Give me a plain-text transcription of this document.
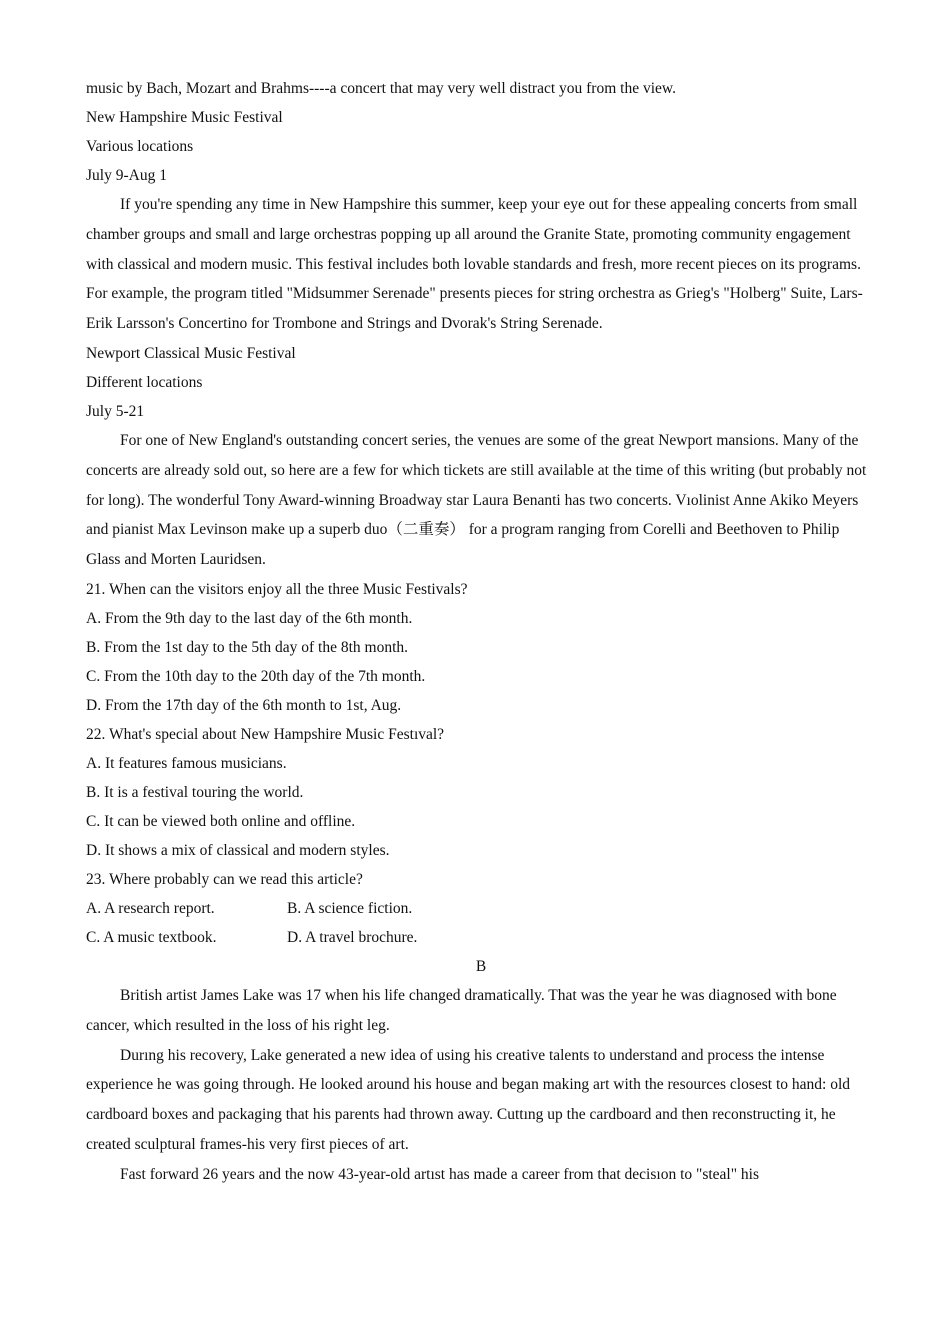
music by Bach, Mozart and Brahms----a concert that may very well distract you from the view.
New Hampshire Music Festival
Various locations
July 9-Aug 1

If you're spending any time in New Hampshire this summer, keep your eye out for these appealing concerts from small chamber groups and small and large orchestras popping up all around the Granite State, promoting community engagement with classical and modern music. This festival includes both lovable standards and fresh, more recent pieces on its programs. For example, the program titled "Midsummer Serenade" presents pieces for string orchestra as Grieg's "Holberg" Suite, Lars-Erik Larsson's Concertino for Trombone and Strings and Dvorak's String Serenade.

Newport Classical Music Festival
Different locations
July 5-21

For one of New England's outstanding concert series, the venues are some of the great Newport mansions. Many of the concerts are already sold out, so here are a few for which tickets are still available at the time of this writing (but probably not for long). The wonderful Tony Award-winning Broadway star Laura Benanti has two concerts. Vıolinist Anne Akiko Meyers and pianist Max Levinson make up a superb duo（二重奏） for a program ranging from Corelli and Beethoven to Philip Glass and Morten Lauridsen.

21. When can the visitors enjoy all the three Music Festivals?
A. From the 9th day to the last day of the 6th month.
B. From the 1st day to the 5th day of the 8th month.
C. From the 10th day to the 20th day of the 7th month.
D. From the 17th day of the 6th month to 1st, Aug.
22. What's special about New Hampshire Music Festıval?
A. It features famous musicians.
B. It is a festival touring the world.
C. It can be viewed both online and offline.
D. It shows a mix of classical and modern styles.
23. Where probably can we read this article?
A. A research report.	B. A science fiction.
C. A music textbook.	D. A travel brochure.
B

British artist James Lake was 17 when his life changed dramatically. That was the year he was diagnosed with bone cancer, which resulted in the loss of his right leg.

Durıng his recovery, Lake generated a new idea of using his creative talents to understand and process the intense experience he was going through. He looked around his house and began making art with the resources closest to hand: old cardboard boxes and packaging that his parents had thrown away. Cuttıng up the cardboard and then reconstructing it, he created sculptural frames-his very first pieces of art.

Fast forward 26 years and the now 43-year-old artıst has made a career from that decisıon to "steal" his
